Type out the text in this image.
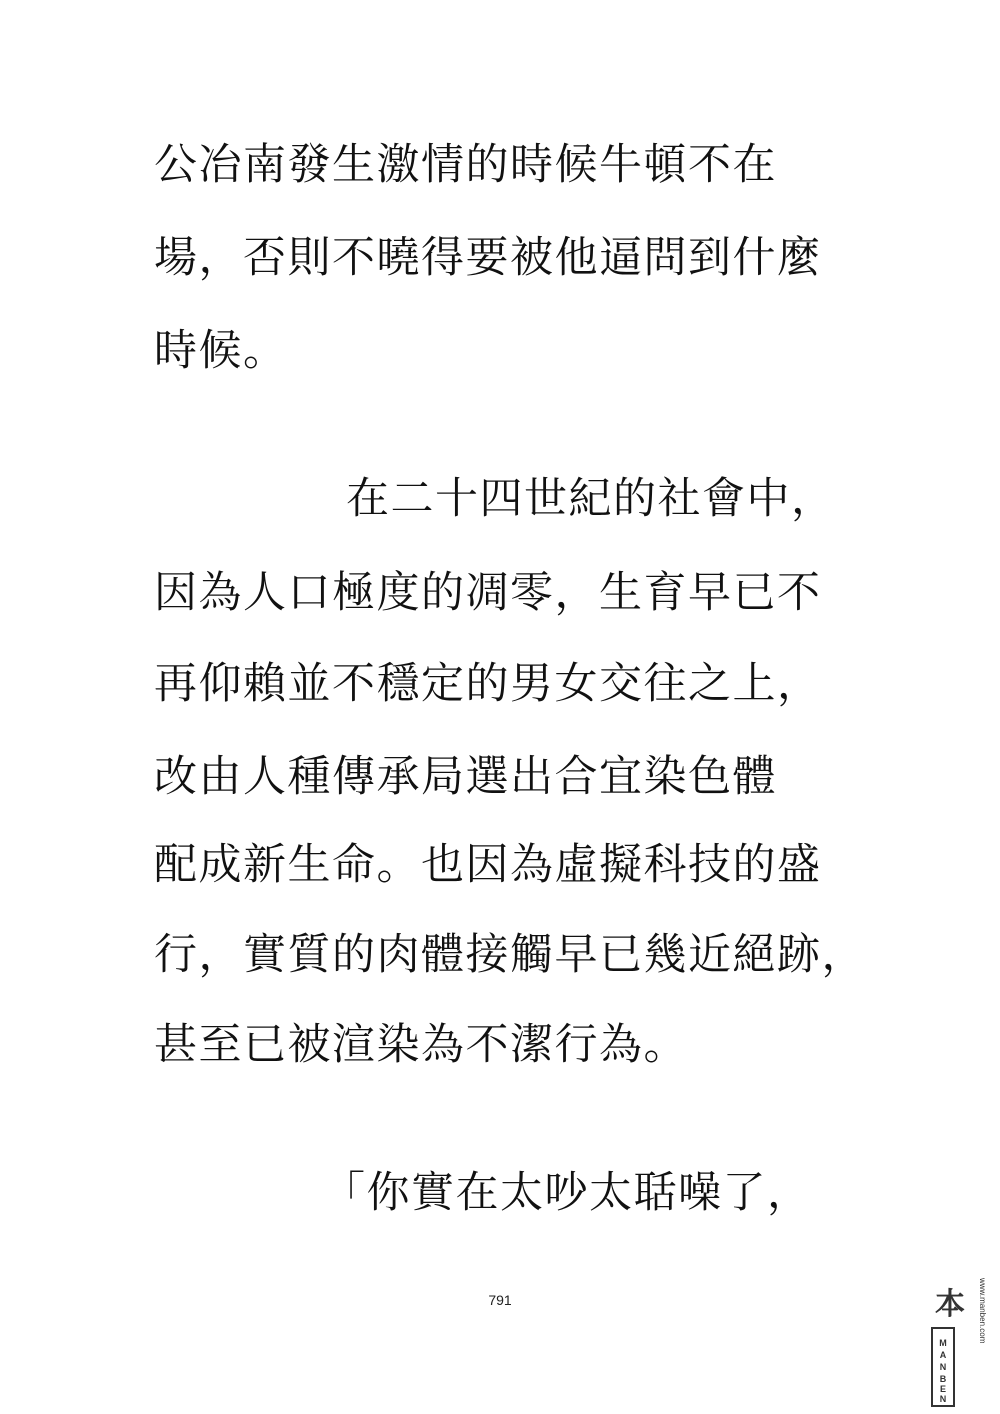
公冶南發生激情的時候牛頓不在
場，否則不曉得要被他逼問到什麼
時候。
在二十四世紀的社會中，
因為人口極度的凋零，生育早已不
再仰賴並不穩定的男女交往之上，
改由人種傳承局選出合宜染色體
配成新生命。也因為虛擬科技的盛
行，實質的肉體接觸早已幾近絕跡，
甚至已被渲染為不潔行為。
「你實在太吵太聒噪了，
791
M
A
N
B
E
N
本 www.manben.com
